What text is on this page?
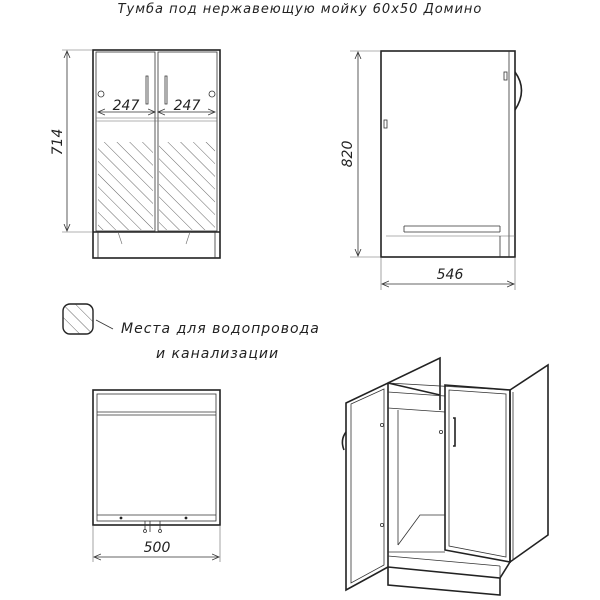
Тумба под нержавеющую мойку 60х50 Домино
247 247
714	820
546
Места для водопровода
и канализации
500
